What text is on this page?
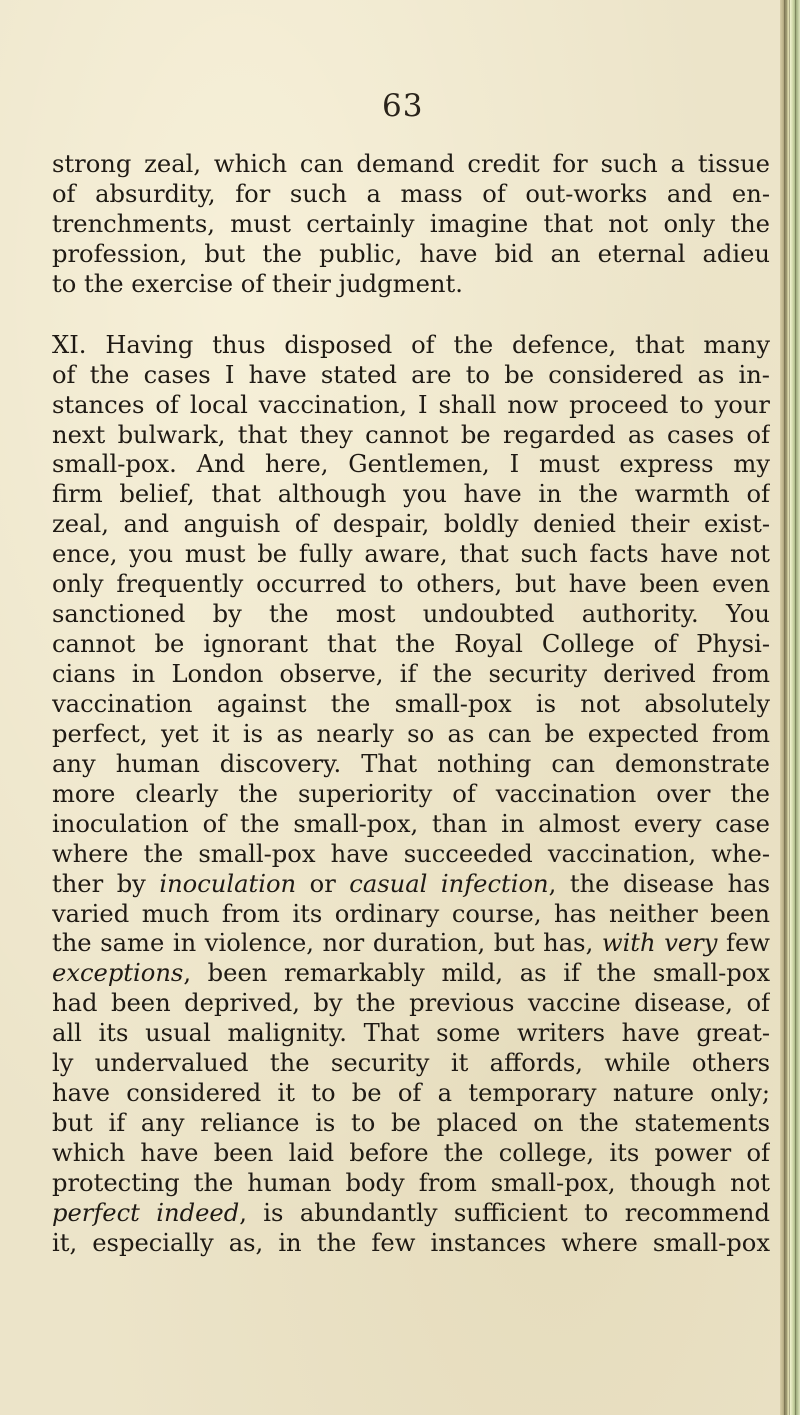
63
strong zeal, which can demand credit for such a tissue
of absurdity, for such a mass of out-works and en-
trenchments, must certainly imagine that not only the
profession, but the public, have bid an eternal adieu
to the exercise of their judgment.
XI. Having thus disposed of the defence, that many
of the cases I have stated are to be considered as in-
stances of local vaccination, I shall now proceed to your
next bulwark, that they cannot be regarded as cases of
small-pox. And here, Gentlemen, I must express my
firm belief, that although you have in the warmth of
zeal, and anguish of despair, boldly denied their exist-
ence, you must be fully aware, that such facts have not
only frequently occurred to others, but have been even
sanctioned by the most undoubted authority. You
cannot be ignorant that the Royal College of Physi-
cians in London observe, if the security derived from
vaccination against the small-pox is not absolutely
perfect, yet it is as nearly so as can be expected from
any human discovery. That nothing can demonstrate
more clearly the superiority of vaccination over the
inoculation of the small-pox, than in almost every case
where the small-pox have succeeded vaccination, whe-
ther by inoculation or casual infection, the disease has
varied much from its ordinary course, has neither been
the same in violence, nor duration, but has, with very few
exceptions, been remarkably mild, as if the small-pox
had been deprived, by the previous vaccine disease, of
all its usual malignity. That some writers have great-
ly undervalued the security it affords, while others
have considered it to be of a temporary nature only;
but if any reliance is to be placed on the statements
which have been laid before the college, its power of
protecting the human body from small-pox, though not
perfect indeed, is abundantly sufficient to recommend
it, especially as, in the few instances where small-pox
